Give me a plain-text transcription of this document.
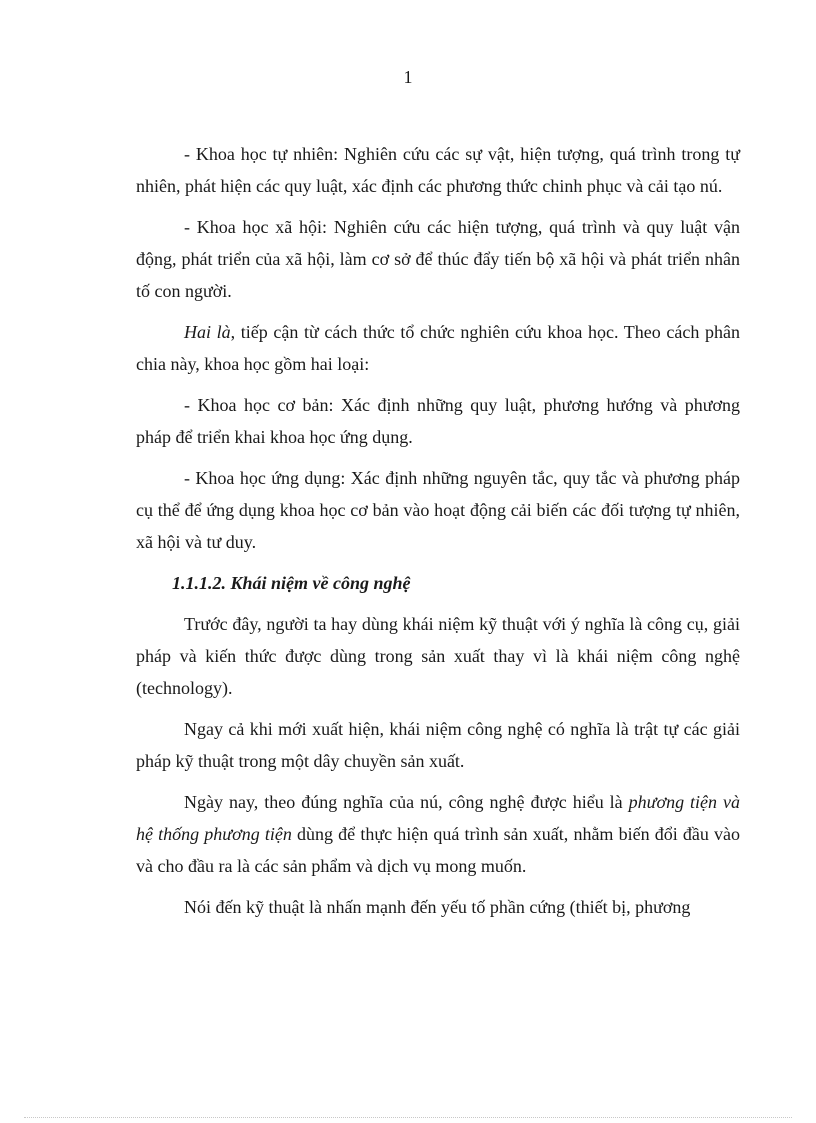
1

- Khoa học tự nhiên: Nghiên cứu các sự vật, hiện tượng, quá trình trong tự nhiên, phát hiện các quy luật, xác định các phương thức chinh phục và cải tạo nú.

- Khoa học xã hội: Nghiên cứu các hiện tượng, quá trình và quy luật vận động, phát triển của xã hội, làm cơ sở để thúc đẩy tiến bộ xã hội và phát triển nhân tố con người.

Hai là, tiếp cận từ cách thức tổ chức nghiên cứu khoa học. Theo cách phân chia này, khoa học gồm hai loại:

- Khoa học cơ bản: Xác định những quy luật, phương hướng và phương pháp để triển khai khoa học ứng dụng.

- Khoa học ứng dụng: Xác định những nguyên tắc, quy tắc và phương pháp cụ thể để ứng dụng khoa học cơ bản vào hoạt động cải biến các đối tượng tự nhiên, xã hội và tư duy.

1.1.1.2. Khái niệm về công nghệ

Trước đây, người ta hay dùng khái niệm kỹ thuật với ý nghĩa là công cụ, giải pháp và kiến thức được dùng trong sản xuất thay vì là khái niệm công nghệ (technology).

Ngay cả khi mới xuất hiện, khái niệm công nghệ có nghĩa là trật tự các giải pháp kỹ thuật trong một dây chuyền sản xuất.

Ngày nay, theo đúng nghĩa của nú, công nghệ được hiểu là phương tiện và hệ thống phương tiện dùng để thực hiện quá trình sản xuất, nhằm biến đổi đầu vào và cho đầu ra là các sản phẩm và dịch vụ mong muốn.

Nói đến kỹ thuật là nhấn mạnh đến yếu tố phần cứng (thiết bị, phương
